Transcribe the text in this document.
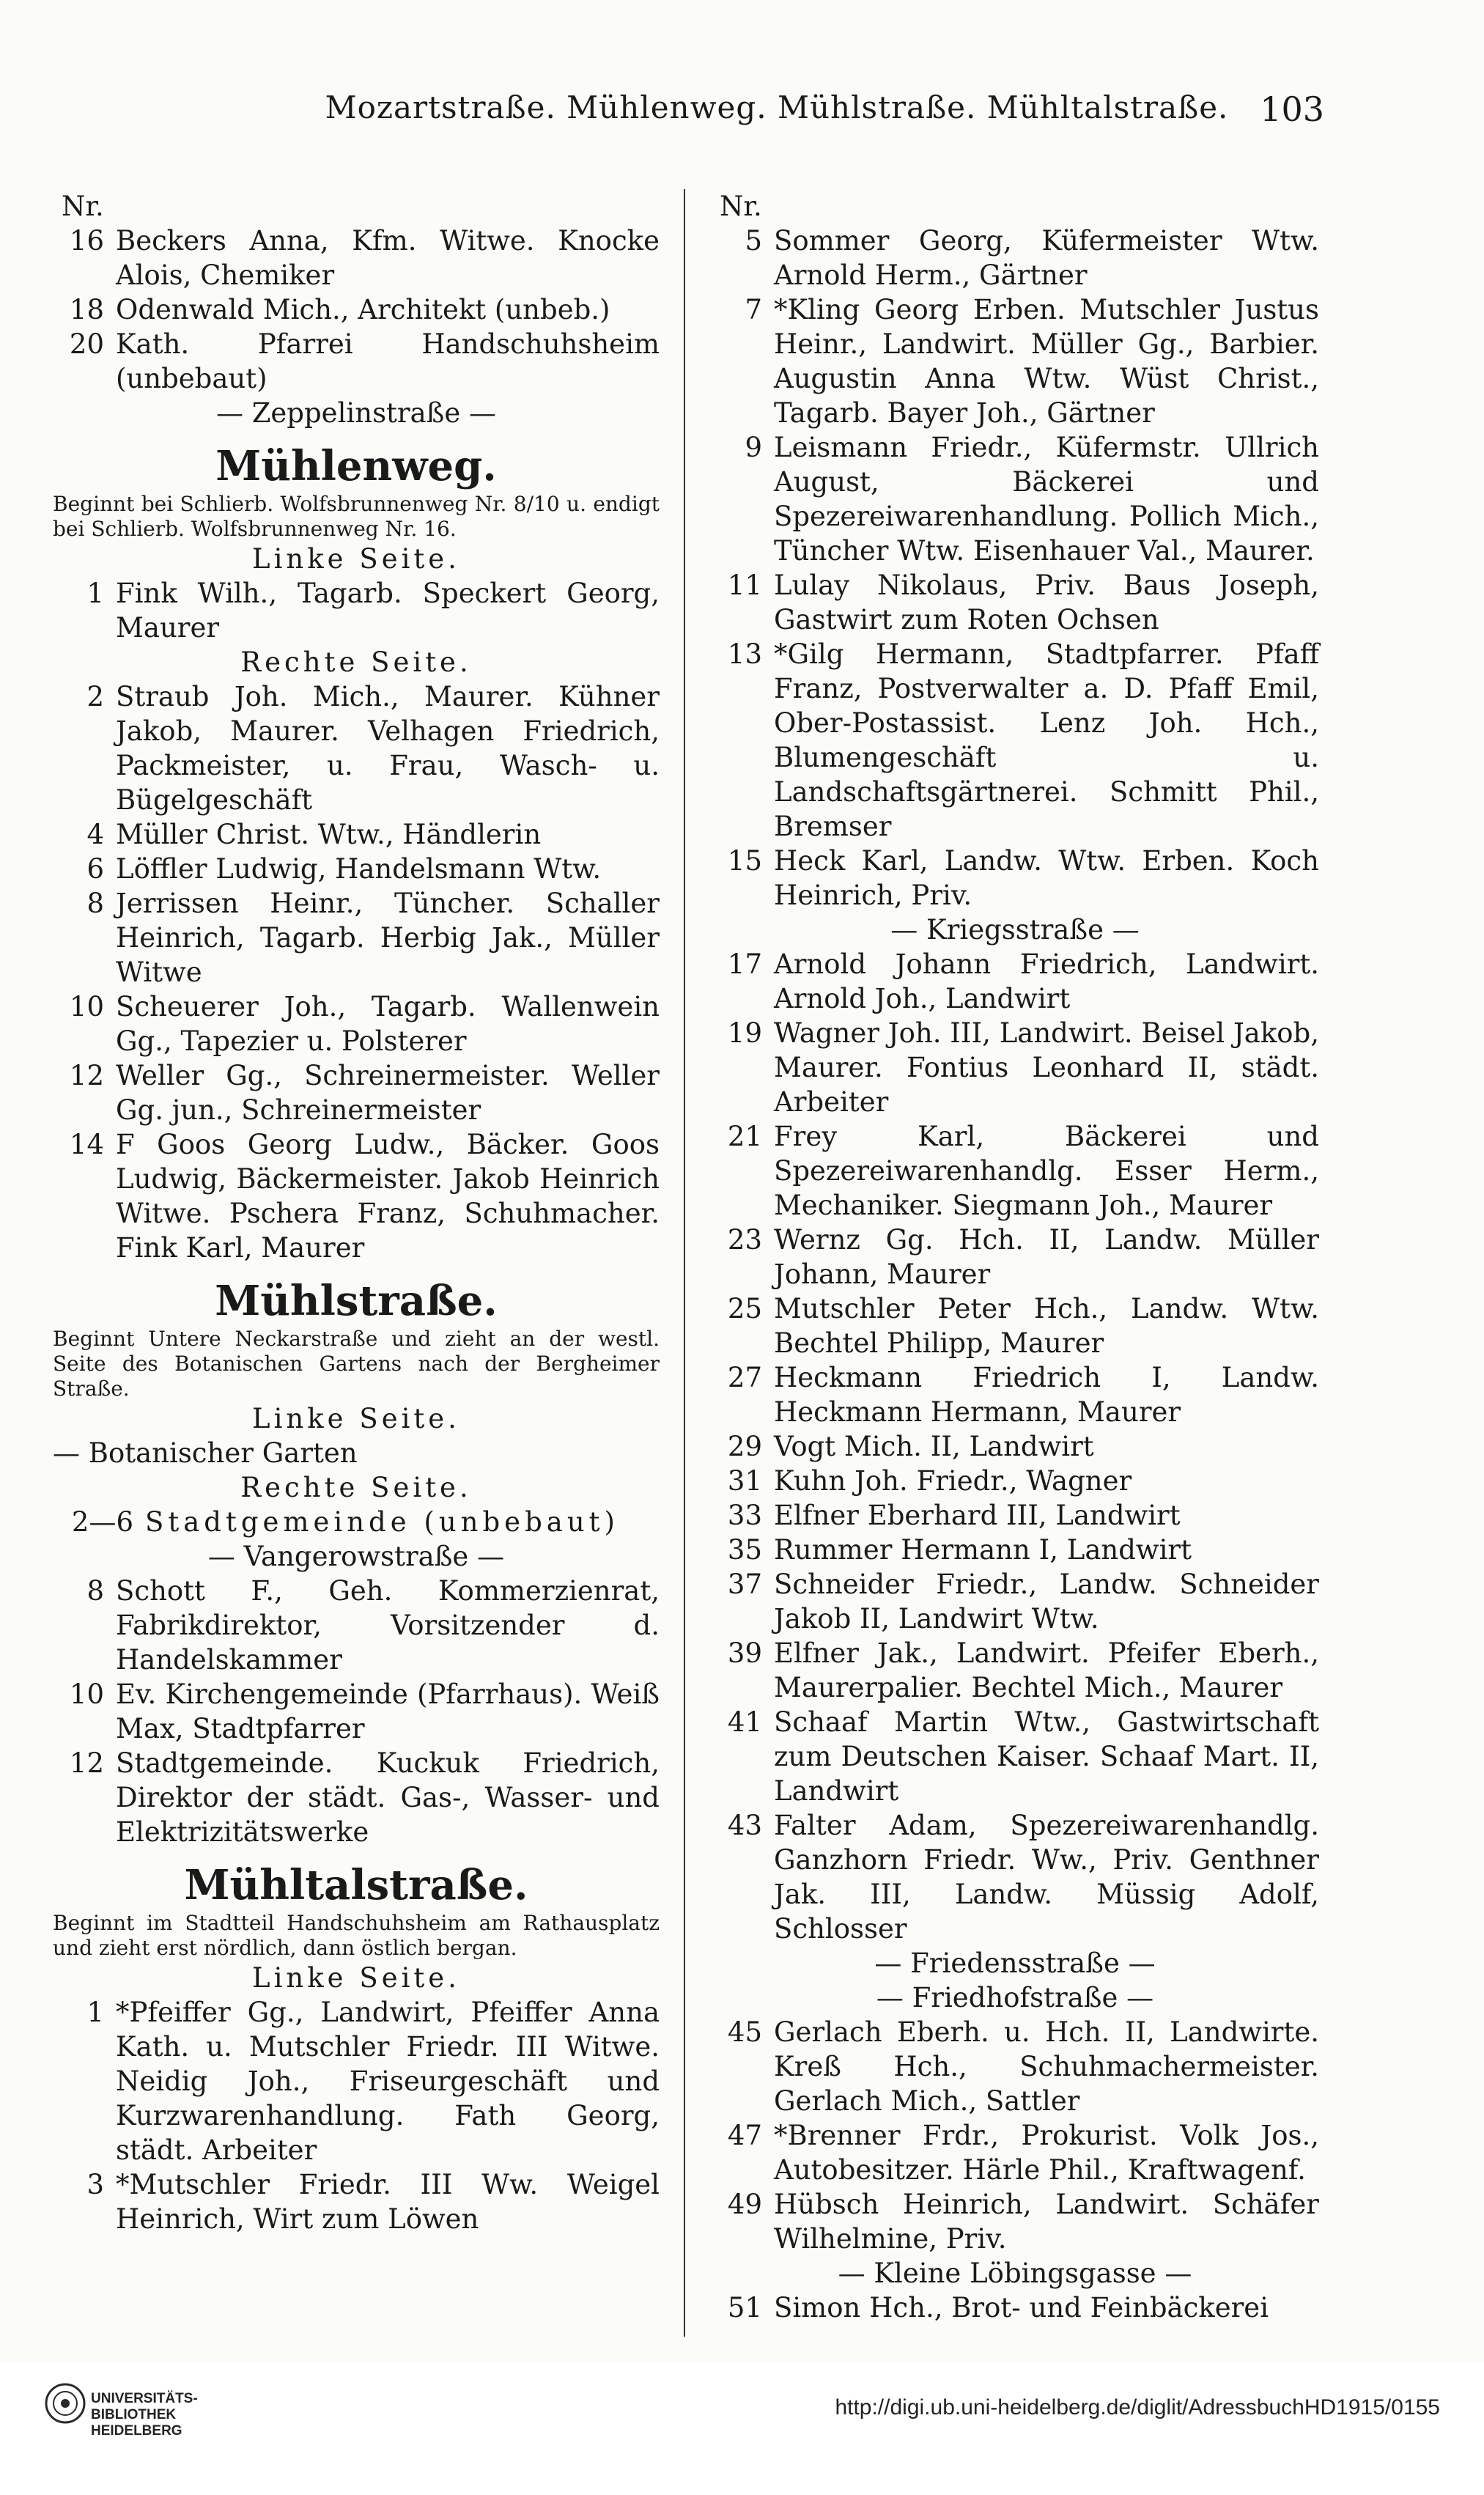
Mozartstraße. Mühlenweg. Mühlstraße. Mühltalstraße. 103
Nr.
16 Beckers Anna, Kfm. Witwe. Knocke Alois, Chemiker
18 Odenwald Mich., Architekt (unbeb.)
20 Kath. Pfarrei Handschuhsheim (unbebaut)
— Zeppelinstraße —
Mühlenweg.
Beginnt bei Schlierb. Wolfsbrunnenweg Nr. 8/10 u. endigt bei Schlierb. Wolfsbrunnenweg Nr. 16.
Linke Seite.
1 Fink Wilh., Tagarb. Speckert Georg, Maurer
Rechte Seite.
2 Straub Joh. Mich., Maurer. Kühner Jakob, Maurer. Velhagen Friedrich, Packmeister, u. Frau, Wasch- u. Bügelgeschäft
4 Müller Christ. Wtw., Händlerin
6 Löffler Ludwig, Handelsmann Wtw.
8 Jerrissen Heinr., Tüncher. Schaller Heinrich, Tagarb. Herbig Jak., Müller Witwe
10 Scheuerer Joh., Tagarb. Wallenwein Gg., Tapezier u. Polsterer
12 Weller Gg., Schreinermeister. Weller Gg. jun., Schreinermeister
14 F Goos Georg Ludw., Bäcker. Goos Ludwig, Bäckermeister. Jakob Heinrich Witwe. Pschera Franz, Schuhmacher. Fink Karl, Maurer
Mühlstraße.
Beginnt Untere Neckarstraße und zieht an der westl. Seite des Botanischen Gartens nach der Bergheimer Straße.
Linke Seite.
— Botanischer Garten
Rechte Seite.
2—6 Stadtgemeinde (unbebaut)
— Vangerowstraße —
8 Schott F., Geh. Kommerzienrat, Fabrikdirektor, Vorsitzender d. Handelskammer
10 Ev. Kirchengemeinde (Pfarrhaus). Weiß Max, Stadtpfarrer
12 Stadtgemeinde. Kuckuk Friedrich, Direktor der städt. Gas-, Wasser- und Elektrizitätswerke
Mühltalstraße.
Beginnt im Stadtteil Handschuhsheim am Rathausplatz und zieht erst nördlich, dann östlich bergan.
Linke Seite.
1 *Pfeiffer Gg., Landwirt, Pfeiffer Anna Kath. u. Mutschler Friedr. III Witwe. Neidig Joh., Friseurgeschäft und Kurzwarenhandlung. Fath Georg, städt. Arbeiter
3 *Mutschler Friedr. III Ww. Weigel Heinrich, Wirt zum Löwen
Nr.
5 Sommer Georg, Küfermeister Wtw. Arnold Herm., Gärtner
7 *Kling Georg Erben. Mutschler Justus Heinr., Landwirt. Müller Gg., Barbier. Augustin Anna Wtw. Wüst Christ., Tagarb. Bayer Joh., Gärtner
9 Leismann Friedr., Küfermstr. Ullrich August, Bäckerei und Spezereiwarenhandlung. Pollich Mich., Tüncher Wtw. Eisenhauer Val., Maurer.
11 Lulay Nikolaus, Priv. Baus Joseph, Gastwirt zum Roten Ochsen
13 *Gilg Hermann, Stadtpfarrer. Pfaff Franz, Postverwalter a. D. Pfaff Emil, Ober-Postassist. Lenz Joh. Hch., Blumengeschäft u. Landschaftsgärtnerei. Schmitt Phil., Bremser
15 Heck Karl, Landw. Wtw. Erben. Koch Heinrich, Priv.
— Kriegsstraße —
17 Arnold Johann Friedrich, Landwirt. Arnold Joh., Landwirt
19 Wagner Joh. III, Landwirt. Beisel Jakob, Maurer. Fontius Leonhard II, städt. Arbeiter
21 Frey Karl, Bäckerei und Spezereiwarenhandlg. Esser Herm., Mechaniker. Siegmann Joh., Maurer
23 Wernz Gg. Hch. II, Landw. Müller Johann, Maurer
25 Mutschler Peter Hch., Landw. Wtw. Bechtel Philipp, Maurer
27 Heckmann Friedrich I, Landw. Heckmann Hermann, Maurer
29 Vogt Mich. II, Landwirt
31 Kuhn Joh. Friedr., Wagner
33 Elfner Eberhard III, Landwirt
35 Rummer Hermann I, Landwirt
37 Schneider Friedr., Landw. Schneider Jakob II, Landwirt Wtw.
39 Elfner Jak., Landwirt. Pfeifer Eberh., Maurerpalier. Bechtel Mich., Maurer
41 Schaaf Martin Wtw., Gastwirtschaft zum Deutschen Kaiser. Schaaf Mart. II, Landwirt
43 Falter Adam, Spezereiwarenhandlg. Ganzhorn Friedr. Ww., Priv. Genthner Jak. III, Landw. Müssig Adolf, Schlosser
— Friedensstraße —
— Friedhofstraße —
45 Gerlach Eberh. u. Hch. II, Landwirte. Kreß Hch., Schuhmachermeister. Gerlach Mich., Sattler
47 *Brenner Frdr., Prokurist. Volk Jos., Autobesitzer. Härle Phil., Kraftwagenf.
49 Hübsch Heinrich, Landwirt. Schäfer Wilhelmine, Priv.
— Kleine Löbingsgasse —
51 Simon Hch., Brot- und Feinbäckerei
UNIVERSITÄTS-
BIBLIOTHEK
HEIDELBERG
http://digi.ub.uni-heidelberg.de/diglit/AdressbuchHD1915/0155
